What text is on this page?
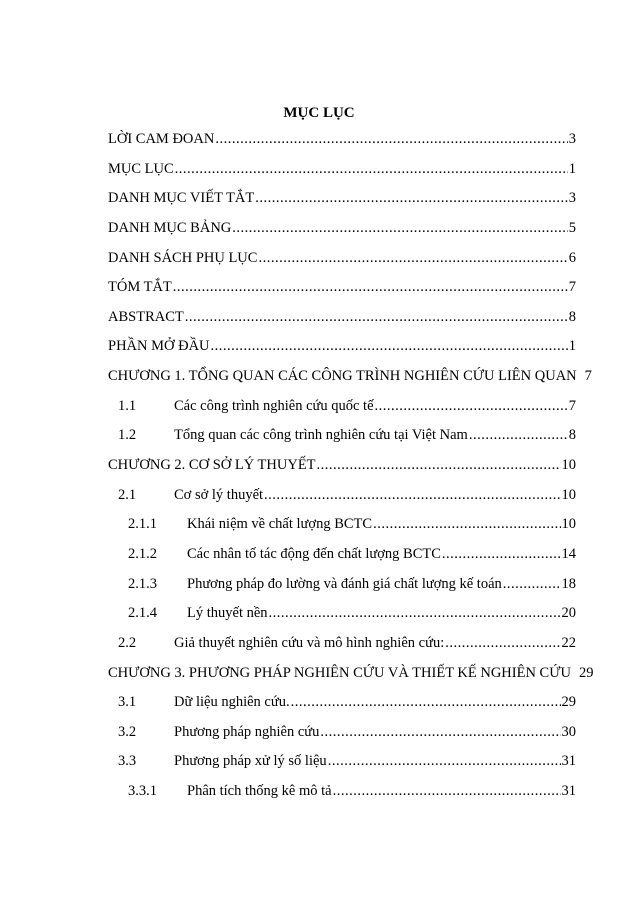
MỤC LỤC
LỜI CAM ĐOAN .....	3
MỤC LỤC .....	1
DANH MỤC VIẾT TẮT .....	3
DANH MỤC BẢNG .....	5
DANH SÁCH PHỤ LỤC .....	6
TÓM TẮT .....	7
ABSTRACT .....	8
PHẦN MỞ ĐẦU .....	1
CHƯƠNG 1. TỔNG QUAN CÁC CÔNG TRÌNH NGHIÊN CỨU LIÊN QUAN 7
1.1	Các công trình nghiên cứu quốc tế .....	7
1.2	Tổng quan các công trình nghiên cứu tại Việt Nam .....	8
CHƯƠNG 2. CƠ SỞ LÝ THUYẾT .....	10
2.1	Cơ sở lý thuyết .....	10
2.1.1	Khái niệm về chất lượng BCTC .....	10
2.1.2	Các nhân tố tác động đến chất lượng BCTC .....	14
2.1.3	Phương pháp đo lường và đánh giá chất lượng kế toán .....	18
2.1.4	Lý thuyết nền .....	20
2.2	Giả thuyết nghiên cứu và mô hình nghiên cứu: .....	22
CHƯƠNG 3. PHƯƠNG PHÁP NGHIÊN CỨU VÀ THIẾT KẾ NGHIÊN CỨU 29
3.1	Dữ liệu nghiên cứu. .....	29
3.2	Phương pháp nghiên cứu .....	30
3.3	Phương pháp xử lý số liệu .....	31
3.3.1	Phân tích thống kê mô tả .....	31
